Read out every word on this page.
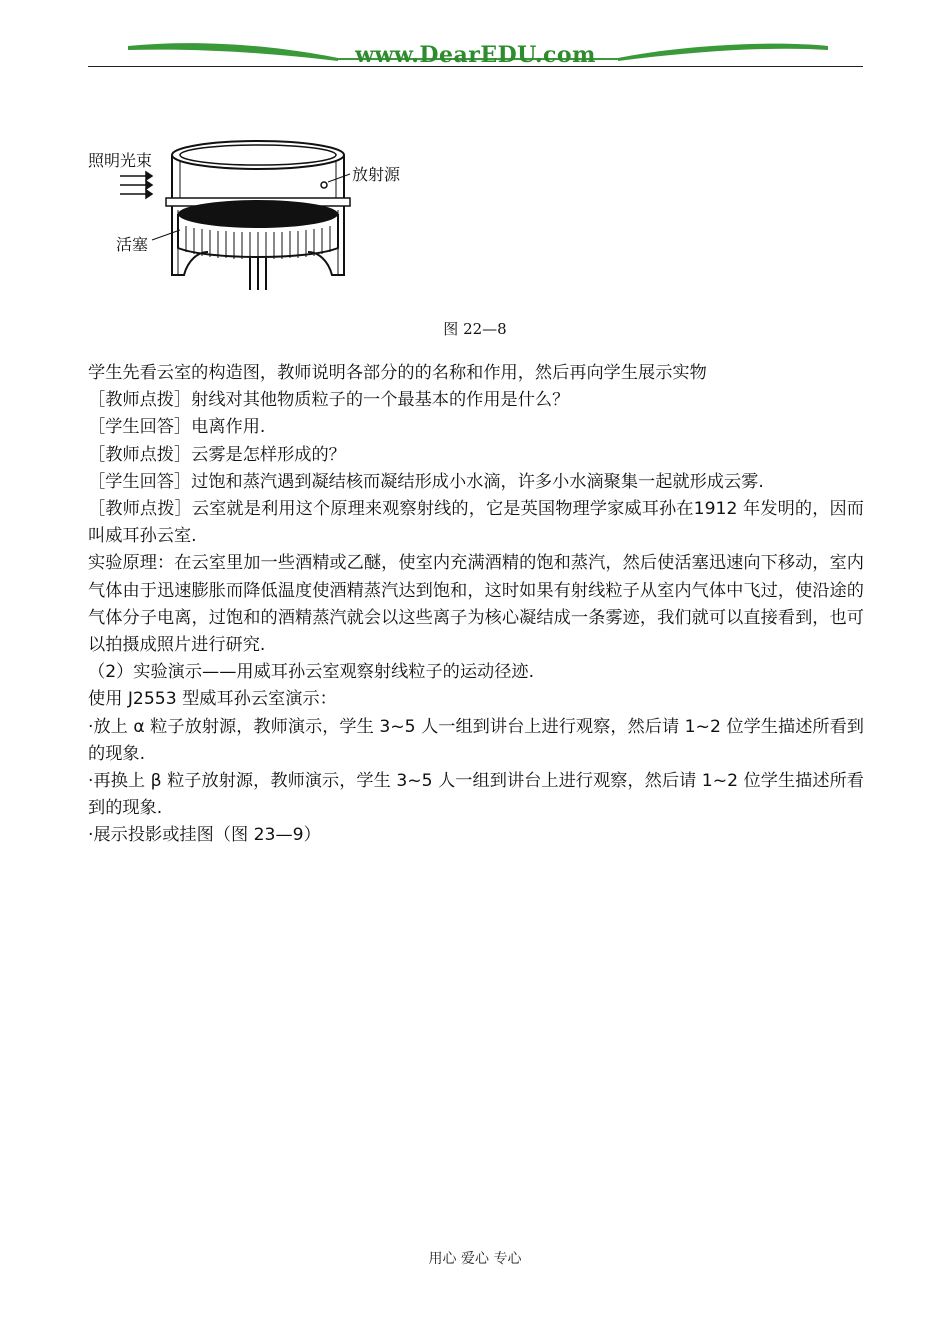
www.DearEDU.com
照明光束
放射源
活塞
图 22—8

学生先看云室的构造图，教师说明各部分的的名称和作用，然后再向学生展示实物

［教师点拨］射线对其他物质粒子的一个最基本的作用是什么？

［学生回答］电离作用.

［教师点拨］云雾是怎样形成的？

［学生回答］过饱和蒸汽遇到凝结核而凝结形成小水滴，许多小水滴聚集一起就形成云雾.

［教师点拨］云室就是利用这个原理来观察射线的，它是英国物理学家威耳孙在1912 年发明的，因而叫威耳孙云室.

实验原理：在云室里加一些酒精或乙醚，使室内充满酒精的饱和蒸汽，然后使活塞迅速向下移动，室内气体由于迅速膨胀而降低温度使酒精蒸汽达到饱和，这时如果有射线粒子从室内气体中飞过，使沿途的气体分子电离，过饱和的酒精蒸汽就会以这些离子为核心凝结成一条雾迹，我们就可以直接看到，也可以拍摄成照片进行研究.

（2）实验演示——用威耳孙云室观察射线粒子的运动径迹.

使用 J2553 型威耳孙云室演示：

·放上 α 粒子放射源，教师演示，学生 3~5 人一组到讲台上进行观察，然后请 1~2 位学生描述所看到的现象.

·再换上 β 粒子放射源，教师演示，学生 3~5 人一组到讲台上进行观察，然后请 1~2 位学生描述所看到的现象.

·展示投影或挂图（图 23—9）

用心 爱心 专心
